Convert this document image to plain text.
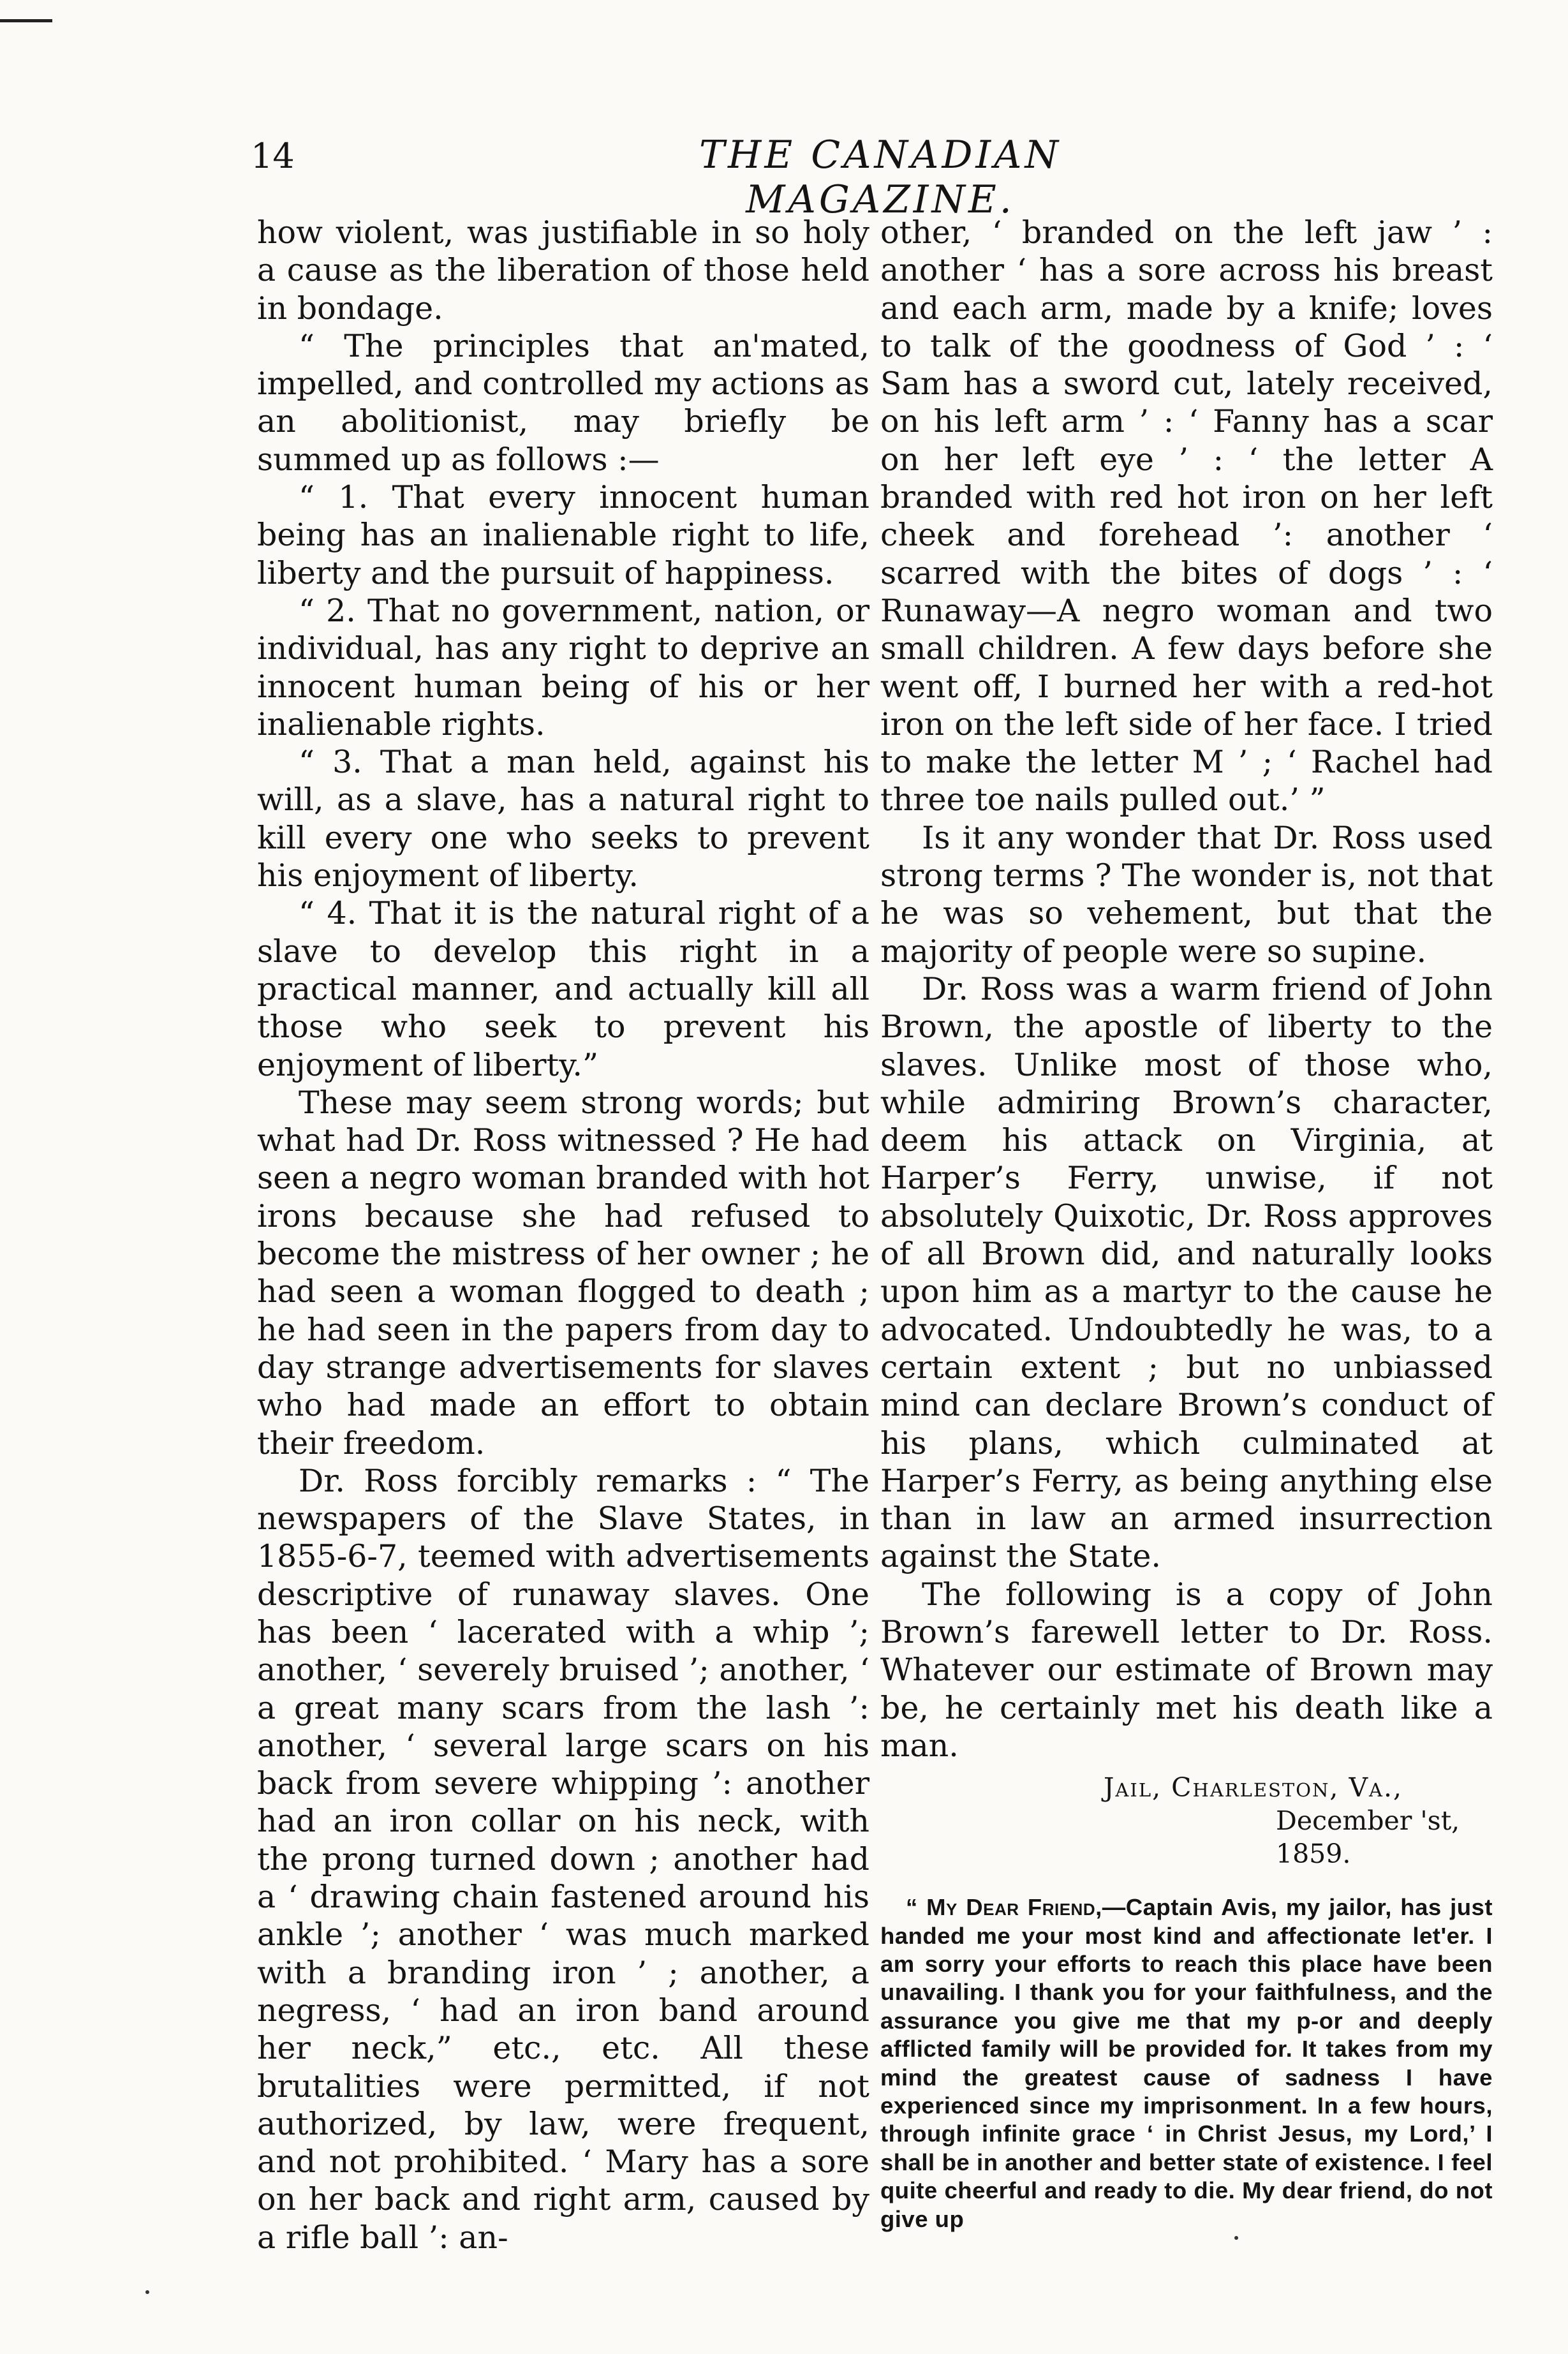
14	THE CANADIAN MAGAZINE.

how violent, was justifiable in so holy a cause as the liberation of those held in bondage.

“ The principles that an'mated, impelled, and controlled my actions as an abolitionist, may briefly be summed up as follows :—

“ 1. That every innocent human being has an inalienable right to life, liberty and the pursuit of happiness.

“ 2. That no government, nation, or individual, has any right to deprive an innocent human being of his or her inalienable rights.

“ 3. That a man held, against his will, as a slave, has a natural right to kill every one who seeks to prevent his enjoyment of liberty.

“ 4. That it is the natural right of a slave to develop this right in a practical manner, and actually kill all those who seek to prevent his enjoyment of liberty.”

These may seem strong words; but what had Dr. Ross witnessed ? He had seen a negro woman branded with hot irons because she had refused to become the mistress of her owner ; he had seen a woman flogged to death ; he had seen in the papers from day to day strange advertisements for slaves who had made an effort to obtain their freedom.

Dr. Ross forcibly remarks : “ The newspapers of the Slave States, in 1855-6-7, teemed with advertisements descriptive of runaway slaves. One has been ‘ lacerated with a whip ’; another, ‘ severely bruised ’; another, ‘ a great many scars from the lash ’: another, ‘ several large scars on his back from severe whipping ’: another had an iron collar on his neck, with the prong turned down ; another had a ‘ drawing chain fastened around his ankle ’; another ‘ was much marked with a branding iron ’ ; another, a negress, ‘ had an iron band around her neck,” etc., etc. All these brutalities were permitted, if not authorized, by law, were frequent, and not prohibited. ‘ Mary has a sore on her back and right arm, caused by a rifle ball ’: an-

other, ‘ branded on the left jaw ’ : another ‘ has a sore across his breast and each arm, made by a knife; loves to talk of the goodness of God ’ : ‘ Sam has a sword cut, lately received, on his left arm ’ : ‘ Fanny has a scar on her left eye ’ : ‘ the letter A branded with red hot iron on her left cheek and forehead ’: another ‘ scarred with the bites of dogs ’ : ‘ Runaway—A negro woman and two small children. A few days before she went off, I burned her with a red-hot iron on the left side of her face. I tried to make the letter M ’ ; ‘ Rachel had three toe nails pulled out.’ ”

Is it any wonder that Dr. Ross used strong terms ? The wonder is, not that he was so vehement, but that the majority of people were so supine.

Dr. Ross was a warm friend of John Brown, the apostle of liberty to the slaves. Unlike most of those who, while admiring Brown’s character, deem his attack on Virginia, at Harper’s Ferry, unwise, if not absolutely Quixotic, Dr. Ross approves of all Brown did, and naturally looks upon him as a martyr to the cause he advocated. Undoubtedly he was, to a certain extent ; but no unbiassed mind can declare Brown’s conduct of his plans, which culminated at Harper’s Ferry, as being anything else than in law an armed insurrection against the State.

The following is a copy of John Brown’s farewell letter to Dr. Ross. Whatever our estimate of Brown may be, he certainly met his death like a man.

Jail, Charleston, Va.,
December 'st, 1859.

“ My Dear Friend,—Captain Avis, my jailor, has just handed me your most kind and affectionate let'er. I am sorry your efforts to reach this place have been unavailing. I thank you for your faithfulness, and the assurance you give me that my p-or and deeply afflicted family will be provided for. It takes from my mind the greatest cause of sadness I have experienced since my imprisonment. In a few hours, through infinite grace ‘ in Christ Jesus, my Lord,’ I shall be in another and better state of existence. I feel quite cheerful and ready to die. My dear friend, do not give up
